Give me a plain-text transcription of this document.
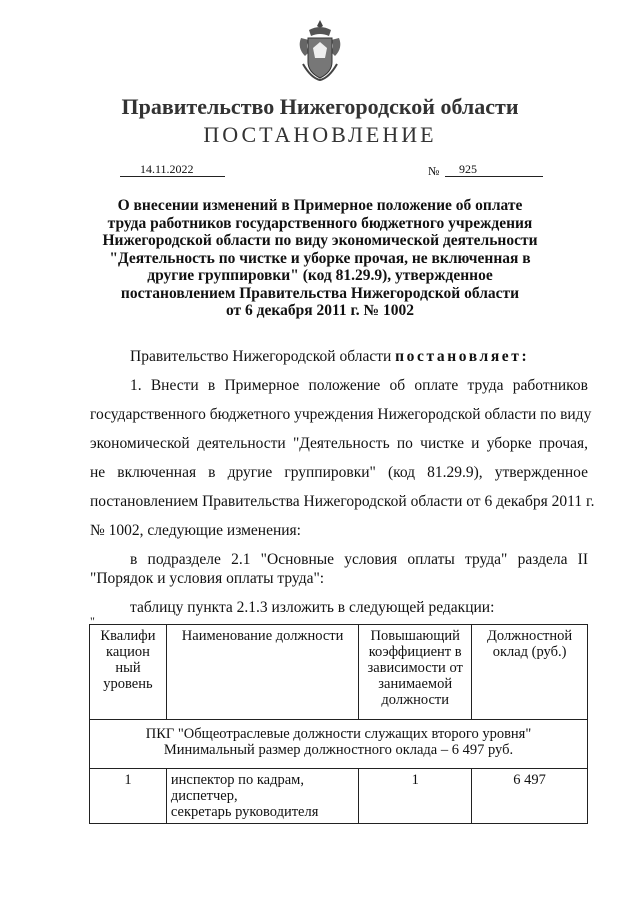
Правительство Нижегородской области
ПОСТАНОВЛЕНИЕ
14.11.2022	№	925
О внесении изменений в Примерное положение об оплате
труда работников государственного бюджетного учреждения
Нижегородской области по виду экономической деятельности
"Деятельность по чистке и уборке прочая, не включенная в
другие группировки" (код 81.29.9), утвержденное
постановлением Правительства Нижегородской области
от 6 декабря 2011 г. № 1002
Правительство Нижегородской области постановляет:
1. Внести в Примерное положение об оплате труда работников
государственного бюджетного учреждения Нижегородской области по виду
экономической деятельности "Деятельность по чистке и уборке прочая,
не включенная в другие группировки" (код 81.29.9), утвержденное
постановлением Правительства Нижегородской области от 6 декабря 2011 г.
№ 1002, следующие изменения:
в подразделе 2.1 "Основные условия оплаты труда" раздела II
"Порядок и условия оплаты труда":
таблицу пункта 2.1.3 изложить в следующей редакции:
"
Квалифи
кацион
ный
уровень	Наименование должности	Повышающий
коэффициент в
зависимости от
занимаемой
должности	Должностной
оклад (руб.)

ПКГ "Общеотраслевые должности служащих второго уровня"
Минимальный размер должностного оклада – 6 497 руб.			

1	инспектор по кадрам,
диспетчер,
секретарь руководителя	1	6 497
